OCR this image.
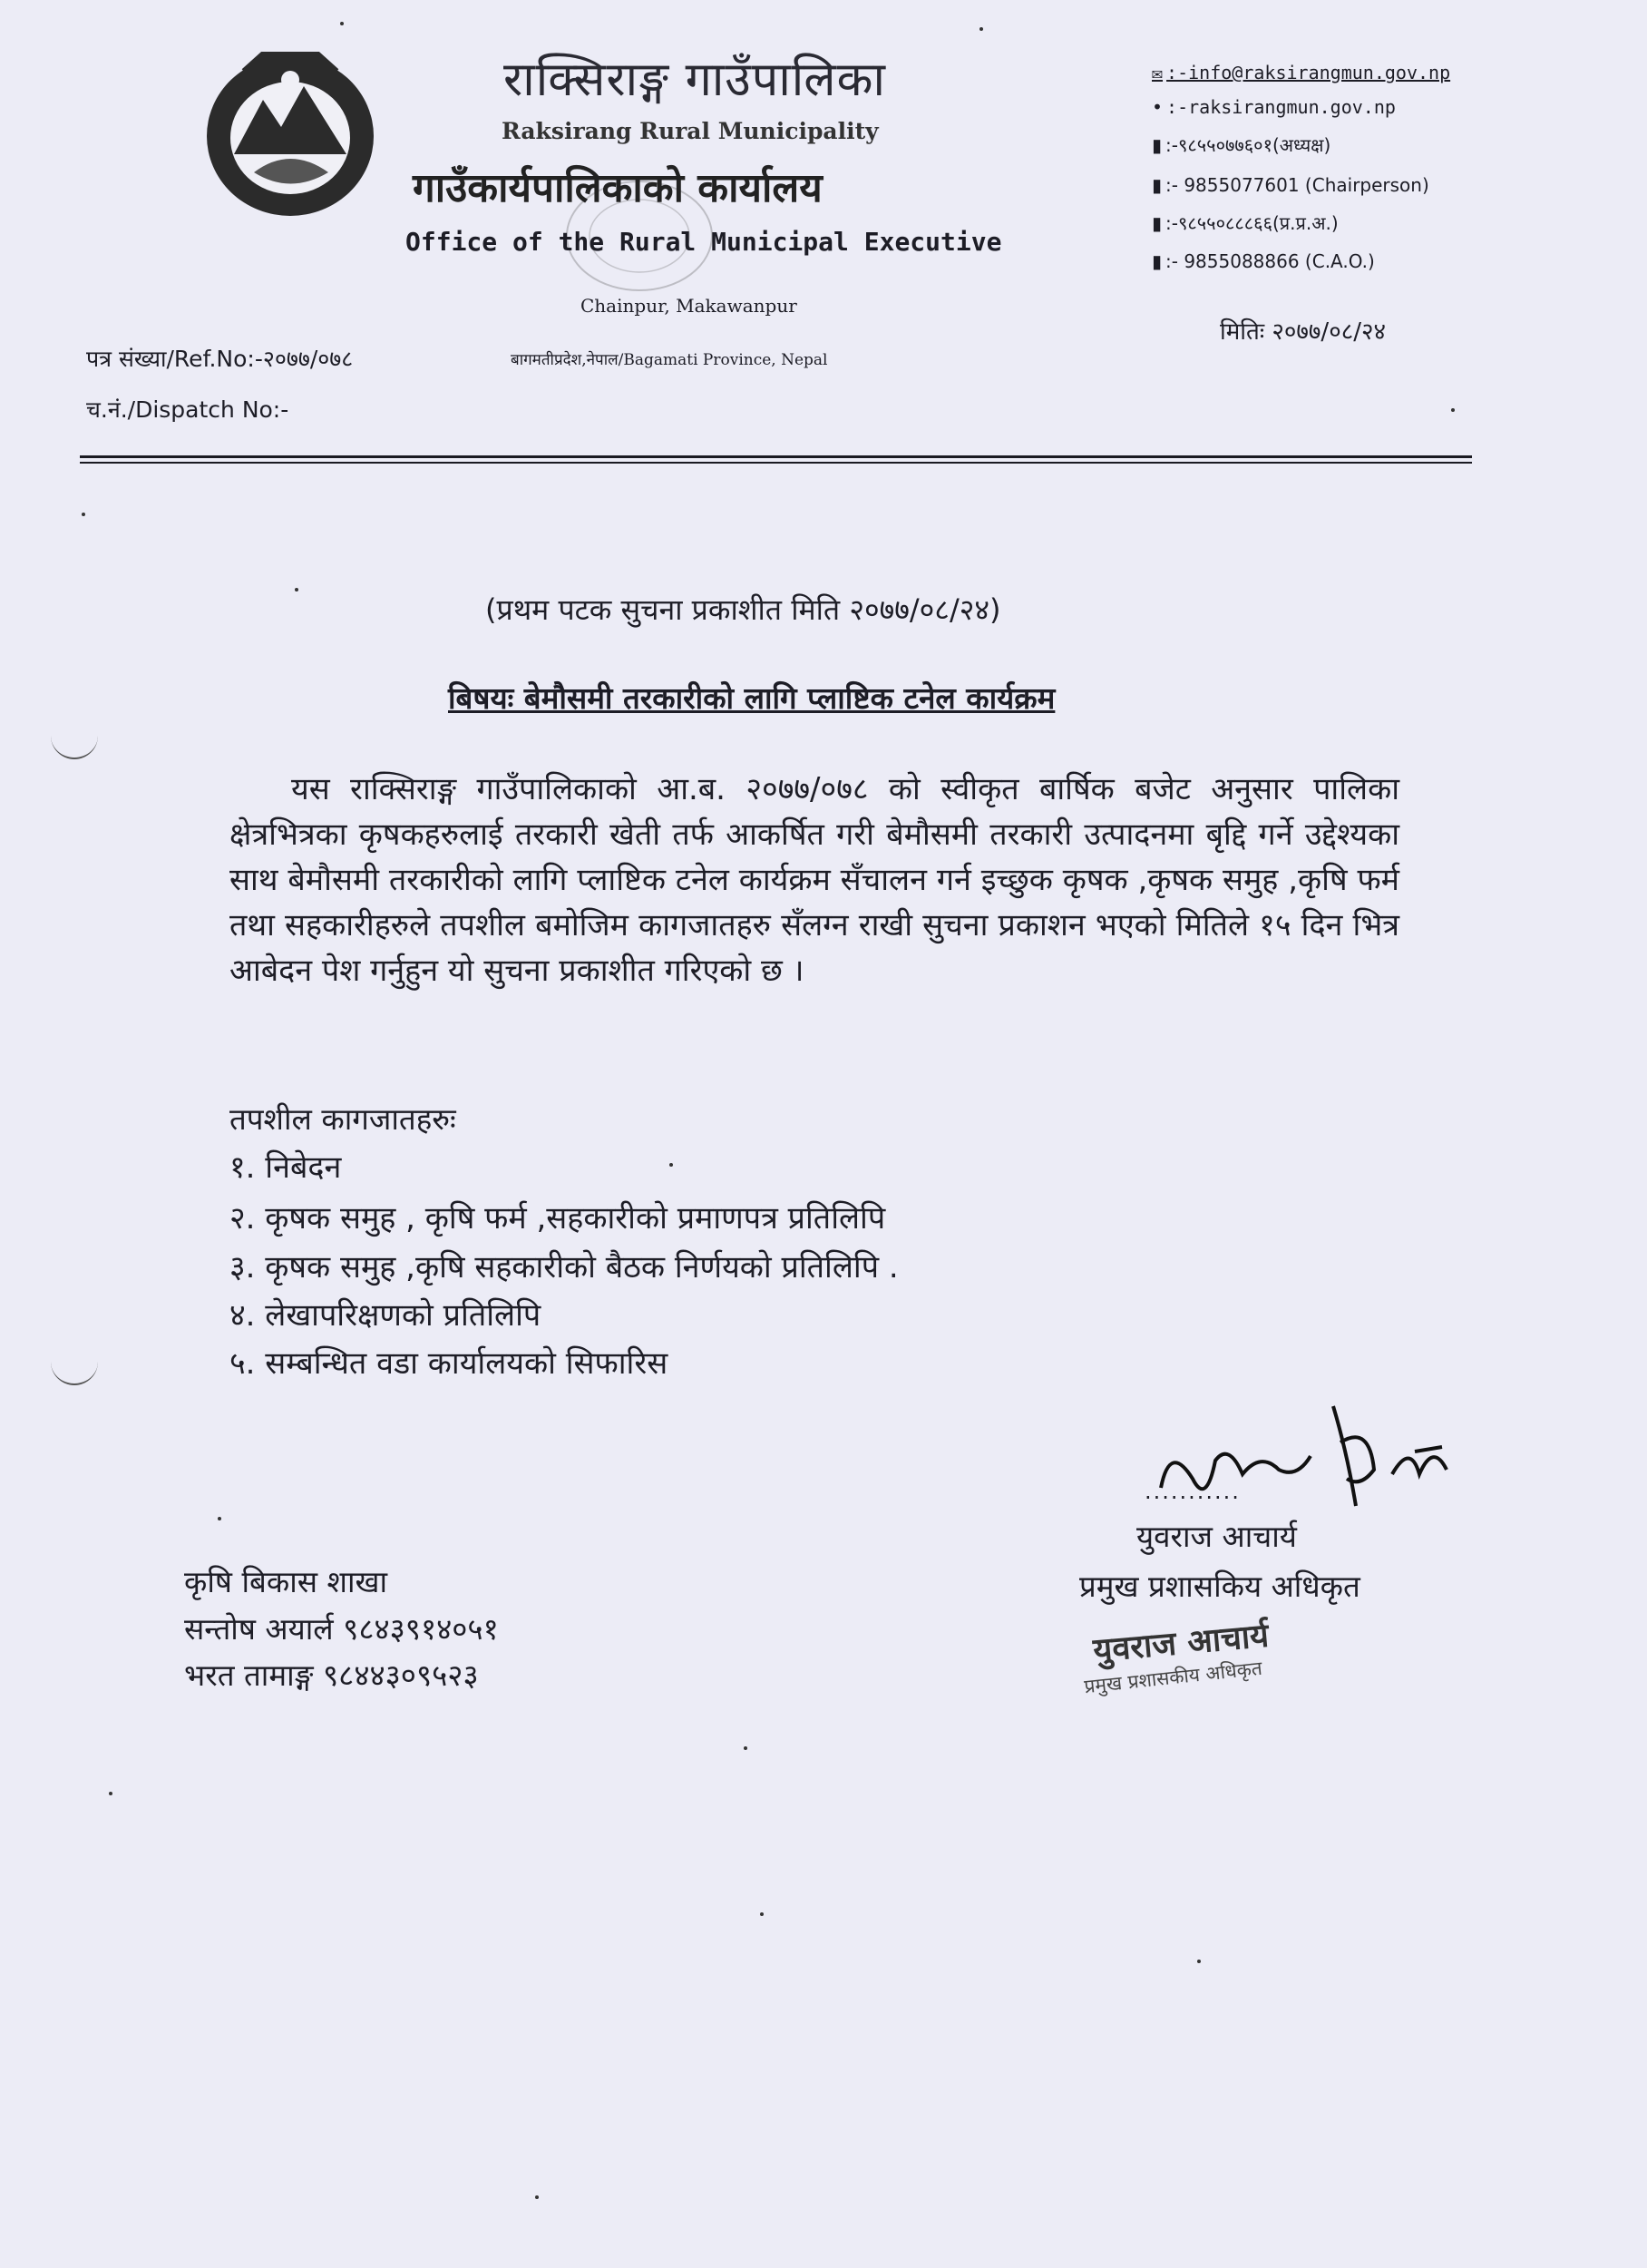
राक्सिराङ्ग गाउँपालिका
Raksirang Rural Municipality
गाउँकार्यपालिकाको कार्यालय
Office of the Rural Municipal Executive
Chainpur, Makawanpur
बागमतीप्रदेश,नेपाल/Bagamati Province, Nepal
✉ :-info@raksirangmun.gov.np
• :-raksirangmun.gov.np
▮ :-९८५५०७७६०१(अध्यक्ष)
▮ :- 9855077601 (Chairperson)
▮ :-९८५५०८८८६६(प्र.प्र.अ.)
▮ :- 9855088866 (C.A.O.)
मितिः २०७७/०८/२४
पत्र संख्या/Ref.No:-२०७७/०७८
च.नं./Dispatch No:-
(प्रथम पटक सुचना प्रकाशीत मिति २०७७/०८/२४)
बिषयः बेमौसमी तरकारीको लागि प्लाष्टिक टनेल कार्यक्रम
यस राक्सिराङ्ग गाउँपालिकाको आ.ब. २०७७/०७८ को स्वीकृत बार्षिक बजेट अनुसार पालिका क्षेत्रभित्रका कृषकहरुलाई तरकारी खेती तर्फ आकर्षित गरी बेमौसमी तरकारी उत्पादनमा बृद्दि गर्ने उद्देश्यका साथ बेमौसमी तरकारीको लागि प्लाष्टिक टनेल कार्यक्रम सँचालन गर्न इच्छुक कृषक ,कृषक समुह ,कृषि फर्म तथा सहकारीहरुले तपशील बमोजिम कागजातहरु सँलग्न राखी सुचना प्रकाशन भएको मितिले १५ दिन भित्र आबेदन पेश गर्नुहुन यो सुचना प्रकाशीत गरिएको छ ।
तपशील कागजातहरुः
१. निबेदन
२. कृषक समुह , कृषि फर्म ,सहकारीको प्रमाणपत्र प्रतिलिपि
३. कृषक समुह ,कृषि सहकारीको बैठक निर्णयको प्रतिलिपि .
४. लेखापरिक्षणको प्रतिलिपि
५. सम्बन्धित वडा कार्यालयको सिफारिस
कृषि बिकास शाखा
सन्तोष अयार्ल ९८४३९१४०५१
भरत तामाङ्ग ९८४४३०९५२३
...........
युवराज आचार्य
प्रमुख प्रशासकिय अधिकृत
युवराज आचार्य
प्रमुख प्रशासकीय अधिकृत
